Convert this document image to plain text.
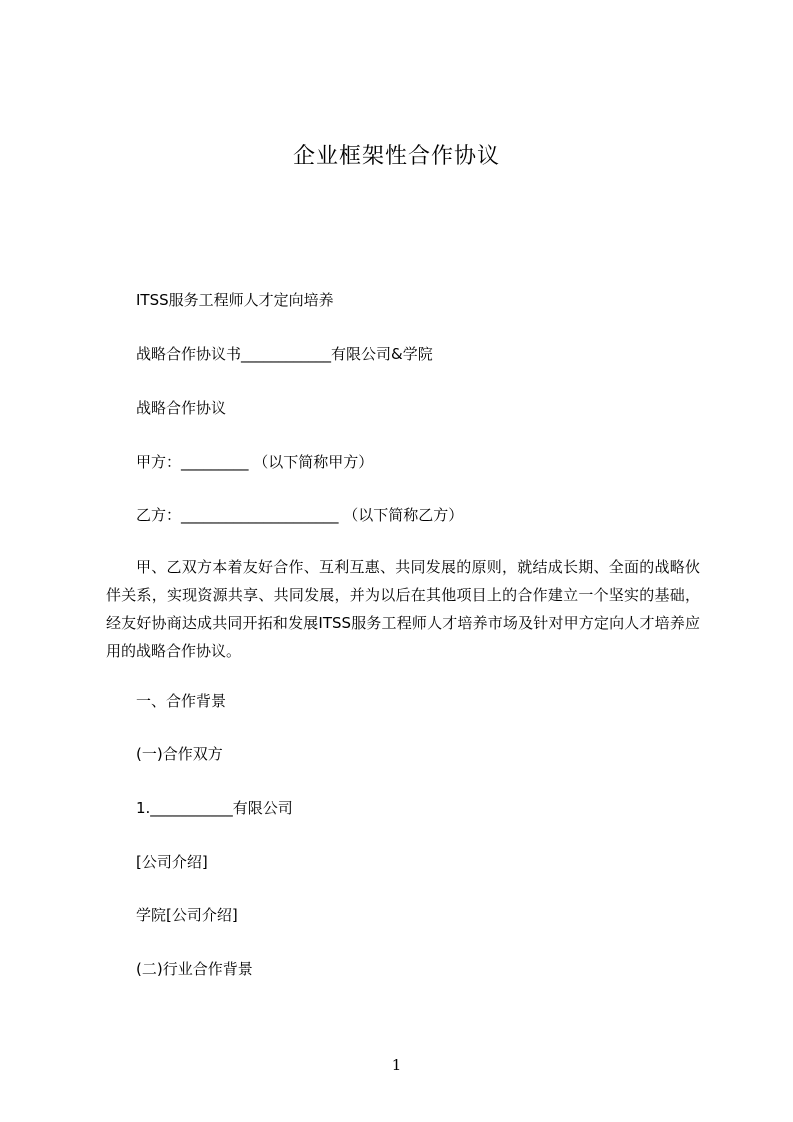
企业框架性合作协议
ITSS服务工程师人才定向培养
战略合作协议书____________有限公司&学院
战略合作协议
甲方：_________ （以下简称甲方）
乙方：_____________________ （以下简称乙方）
甲、乙双方本着友好合作、互利互惠、共同发展的原则，就结成长期、全面的战略伙伴关系，实现资源共享、共同发展，并为以后在其他项目上的合作建立一个坚实的基础，经友好协商达成共同开拓和发展ITSS服务工程师人才培养市场及针对甲方定向人才培养应用的战略合作协议。
一、合作背景
(一)合作双方
1.___________有限公司
[公司介绍]
学院[公司介绍]
(二)行业合作背景
1
